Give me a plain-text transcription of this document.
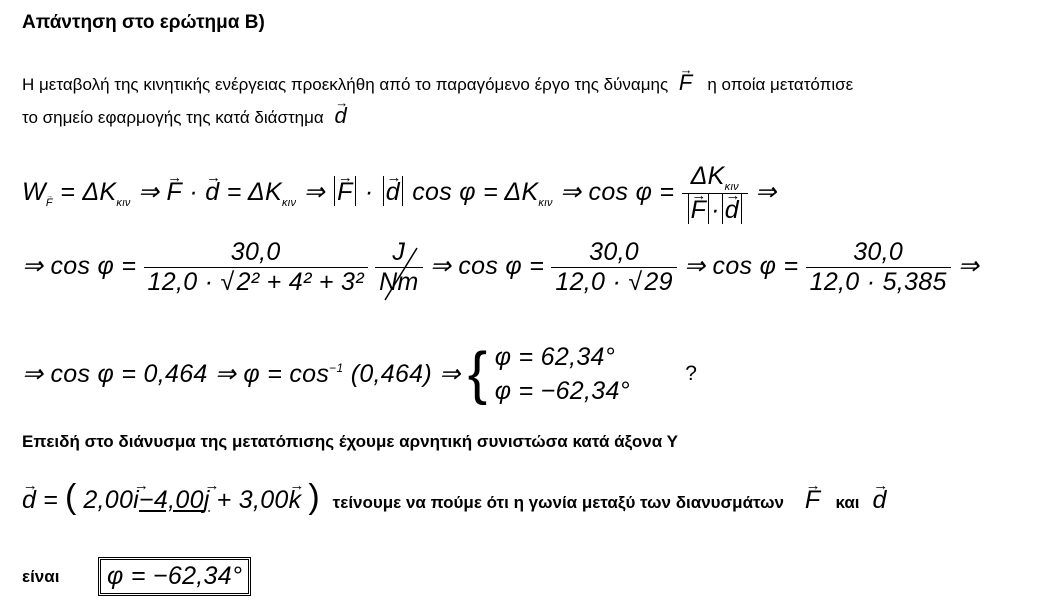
Απάντηση στο ερώτημα Β)
Η μεταβολή της κινητικής ενέργειας προεκλήθη από το παραγόμενο έργο της δύναμης → F η οποία μετατόπισε
το σημείο εφαρμογής της κατά διάστημα → d
$W\to F = \Delta K_{\kappa\iota\nu}$ ⇒ → F · → $d = \Delta K_{\kappa\iota\nu}$ ⇒ → F · → d $\cos \varphi = \Delta K_{\kappa\iota\nu}$ ⇒ $\cos \varphi = \Delta K_{\kappa\iota\nu}$
→ F · → d ⇒
⇒ $\cos \varphi = \frac{30,0}{\text{12,0 · √2² + 4² + 3²}}$
$\frac{J}{Nm}$ ⇒ $\cos \varphi = \frac{30,0}{12,0 \cdot √29}$ ⇒ $\cos \varphi = \frac{30,0}{12,0 \cdot 5,385}$ ⇒
⇒ cos φ = 0,464 ⇒ $\varphi = \cos^{-1} (0,464)$ ⇒ { φ = 62,34°
φ = −62,34°
?
Επειδή στο διάνυσμα της μετατόπισης έχουμε αρνητική συνιστώσα κατά άξονα Υ
→ d = ( 2,00→ i−4,00→ j + 3,00→ k ) τείνουμε να πούμε ότι η γωνία μεταξύ των διανυσμάτων → F και → d
είναι	φ = −62,34°
